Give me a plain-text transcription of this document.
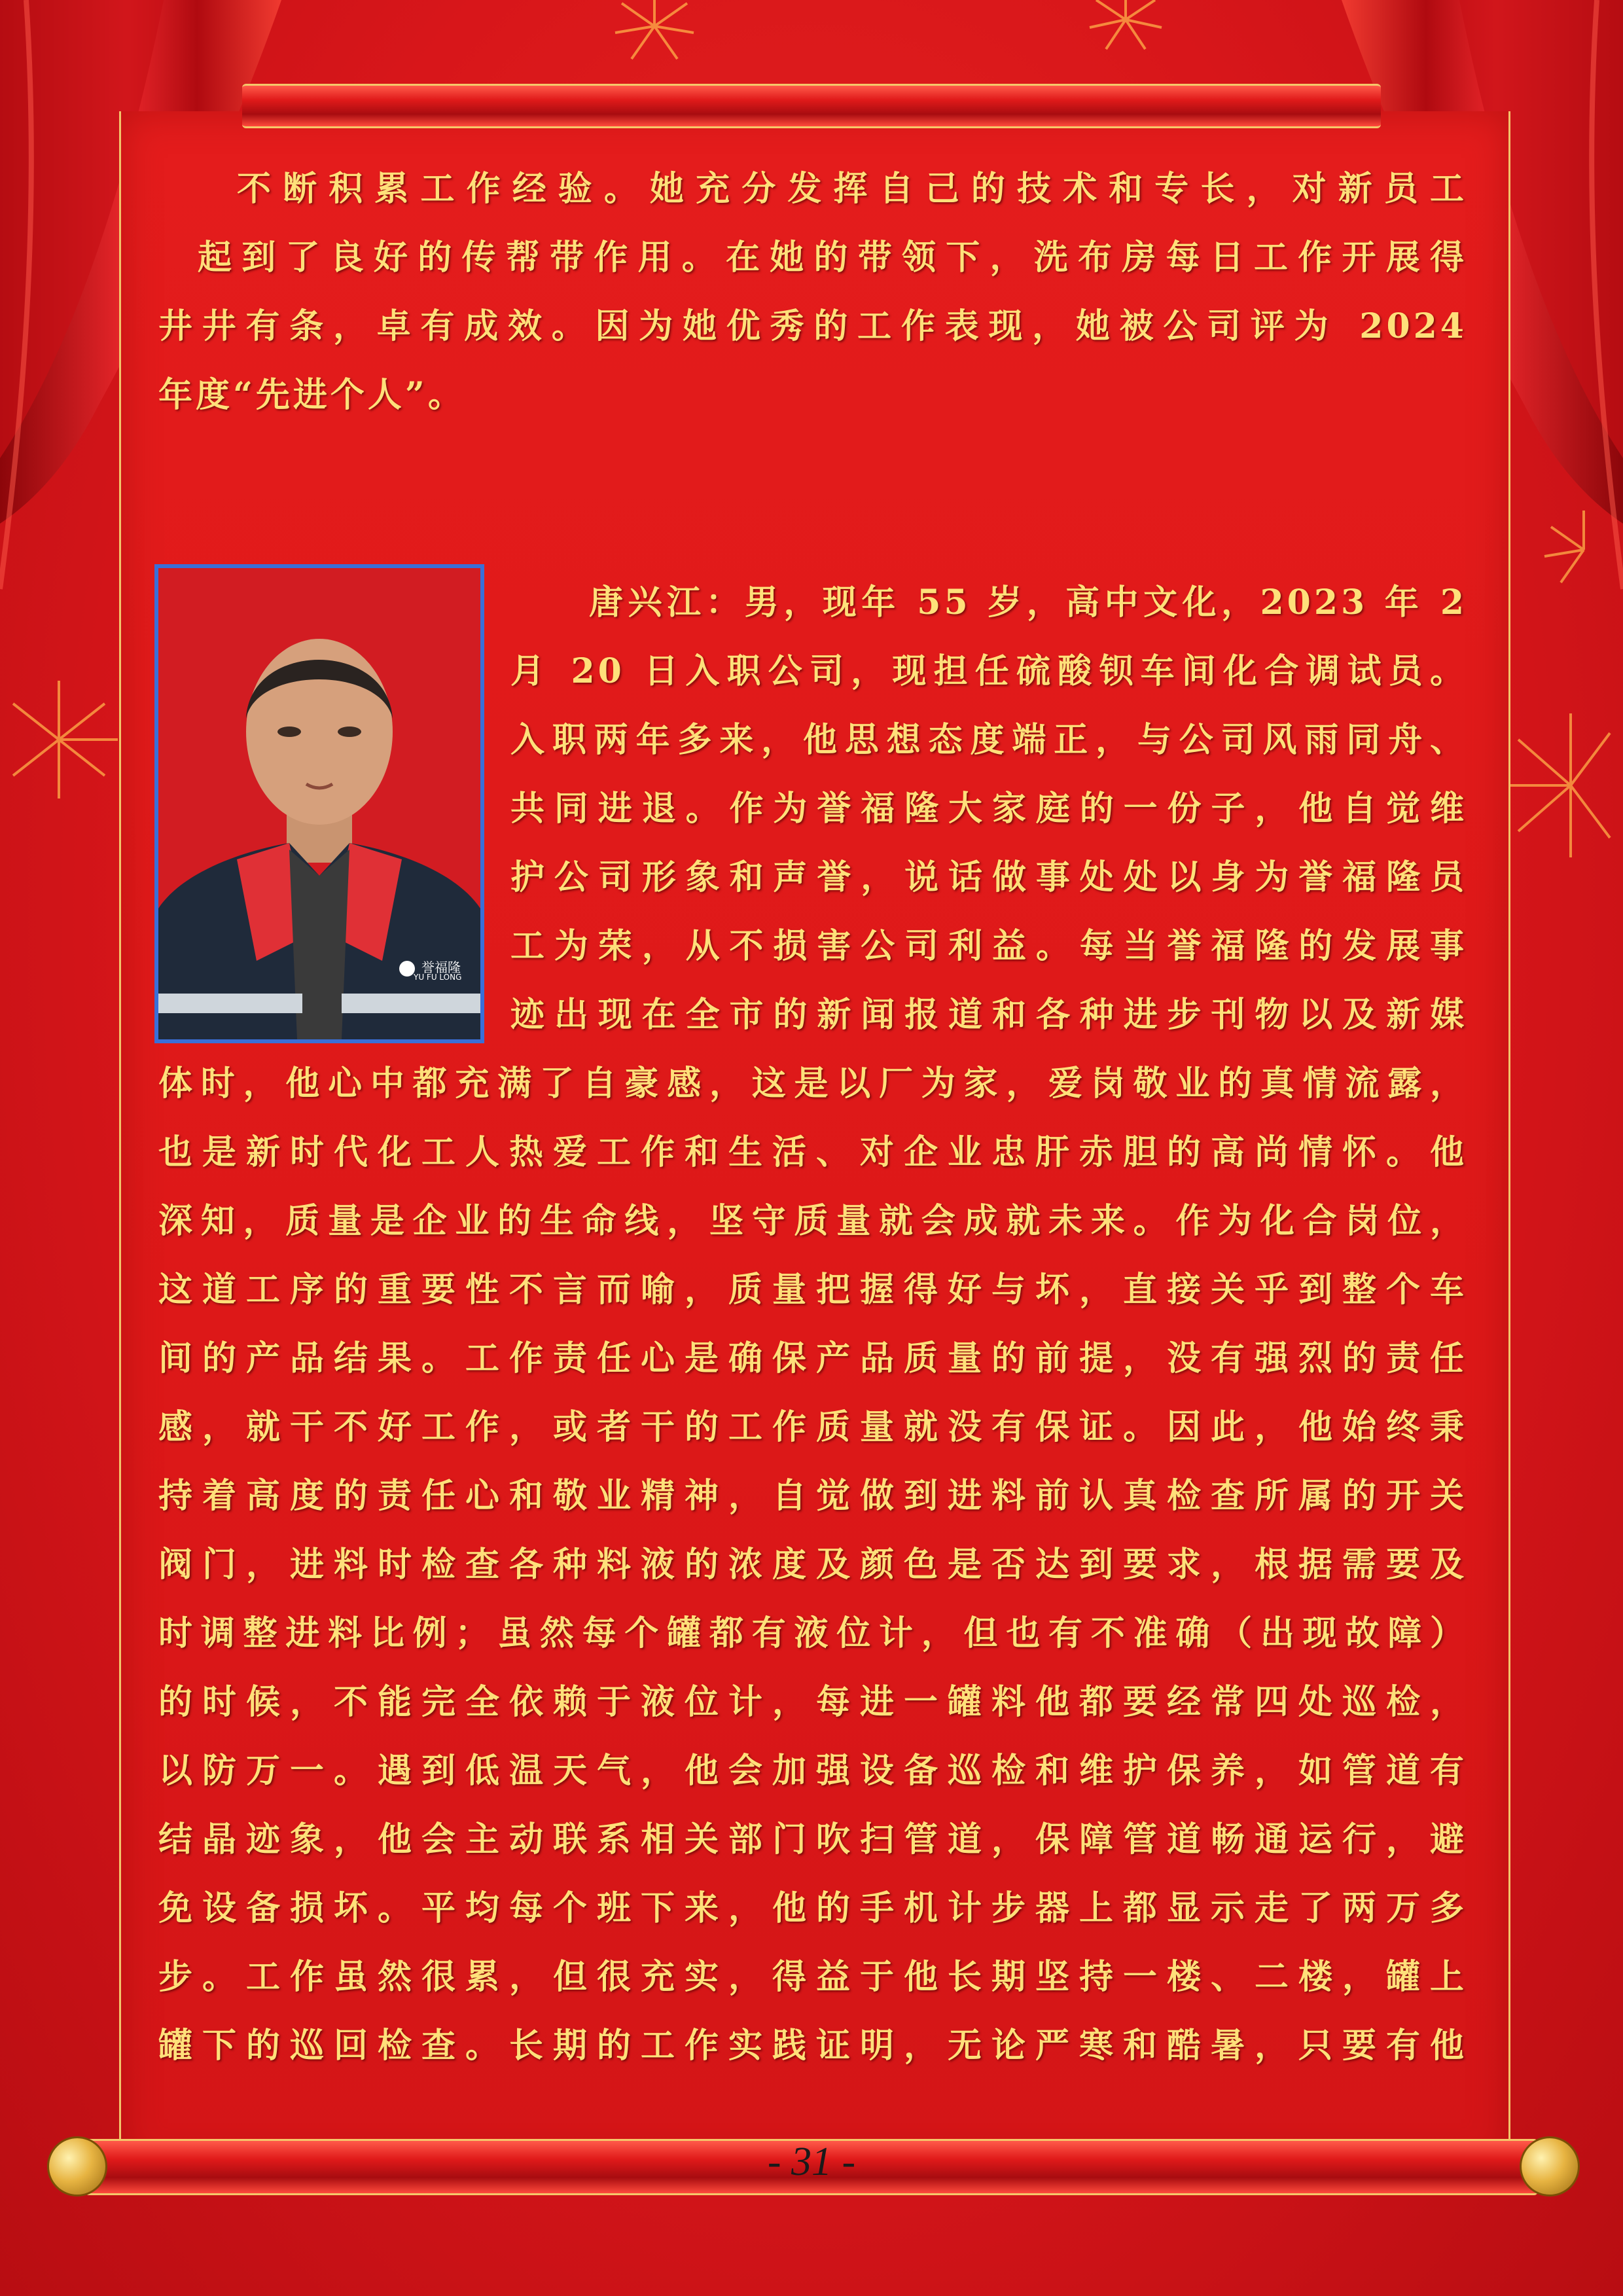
不断积累工作经验。她充分发挥自己的技术和专长，对新员工
起到了良好的传帮带作用。在她的带领下，洗布房每日工作开展得
井井有条，卓有成效。因为她优秀的工作表现，她被公司评为 2024
年度“先进个人”。
誉福隆
YU FU LONG
唐兴江：男，现年 55 岁，高中文化，2023 年 2
月 20 日入职公司，现担任硫酸钡车间化合调试员。
入职两年多来，他思想态度端正，与公司风雨同舟、
共同进退。作为誉福隆大家庭的一份子，他自觉维
护公司形象和声誉，说话做事处处以身为誉福隆员
工为荣，从不损害公司利益。每当誉福隆的发展事
迹出现在全市的新闻报道和各种进步刊物以及新媒
体时，他心中都充满了自豪感，这是以厂为家，爱岗敬业的真情流露，
也是新时代化工人热爱工作和生活、对企业忠肝赤胆的高尚情怀。他
深知，质量是企业的生命线，坚守质量就会成就未来。作为化合岗位，
这道工序的重要性不言而喻，质量把握得好与坏，直接关乎到整个车
间的产品结果。工作责任心是确保产品质量的前提，没有强烈的责任
感，就干不好工作，或者干的工作质量就没有保证。因此，他始终秉
持着高度的责任心和敬业精神，自觉做到进料前认真检查所属的开关
阀门，进料时检查各种料液的浓度及颜色是否达到要求，根据需要及
时调整进料比例；虽然每个罐都有液位计，但也有不准确（出现故障）
的时候，不能完全依赖于液位计，每进一罐料他都要经常四处巡检，
以防万一。遇到低温天气，他会加强设备巡检和维护保养，如管道有
结晶迹象，他会主动联系相关部门吹扫管道，保障管道畅通运行，避
免设备损坏。平均每个班下来，他的手机计步器上都显示走了两万多
步。工作虽然很累，但很充实，得益于他长期坚持一楼、二楼，罐上
罐下的巡回检查。长期的工作实践证明，无论严寒和酷暑，只要有他
- 31 -
